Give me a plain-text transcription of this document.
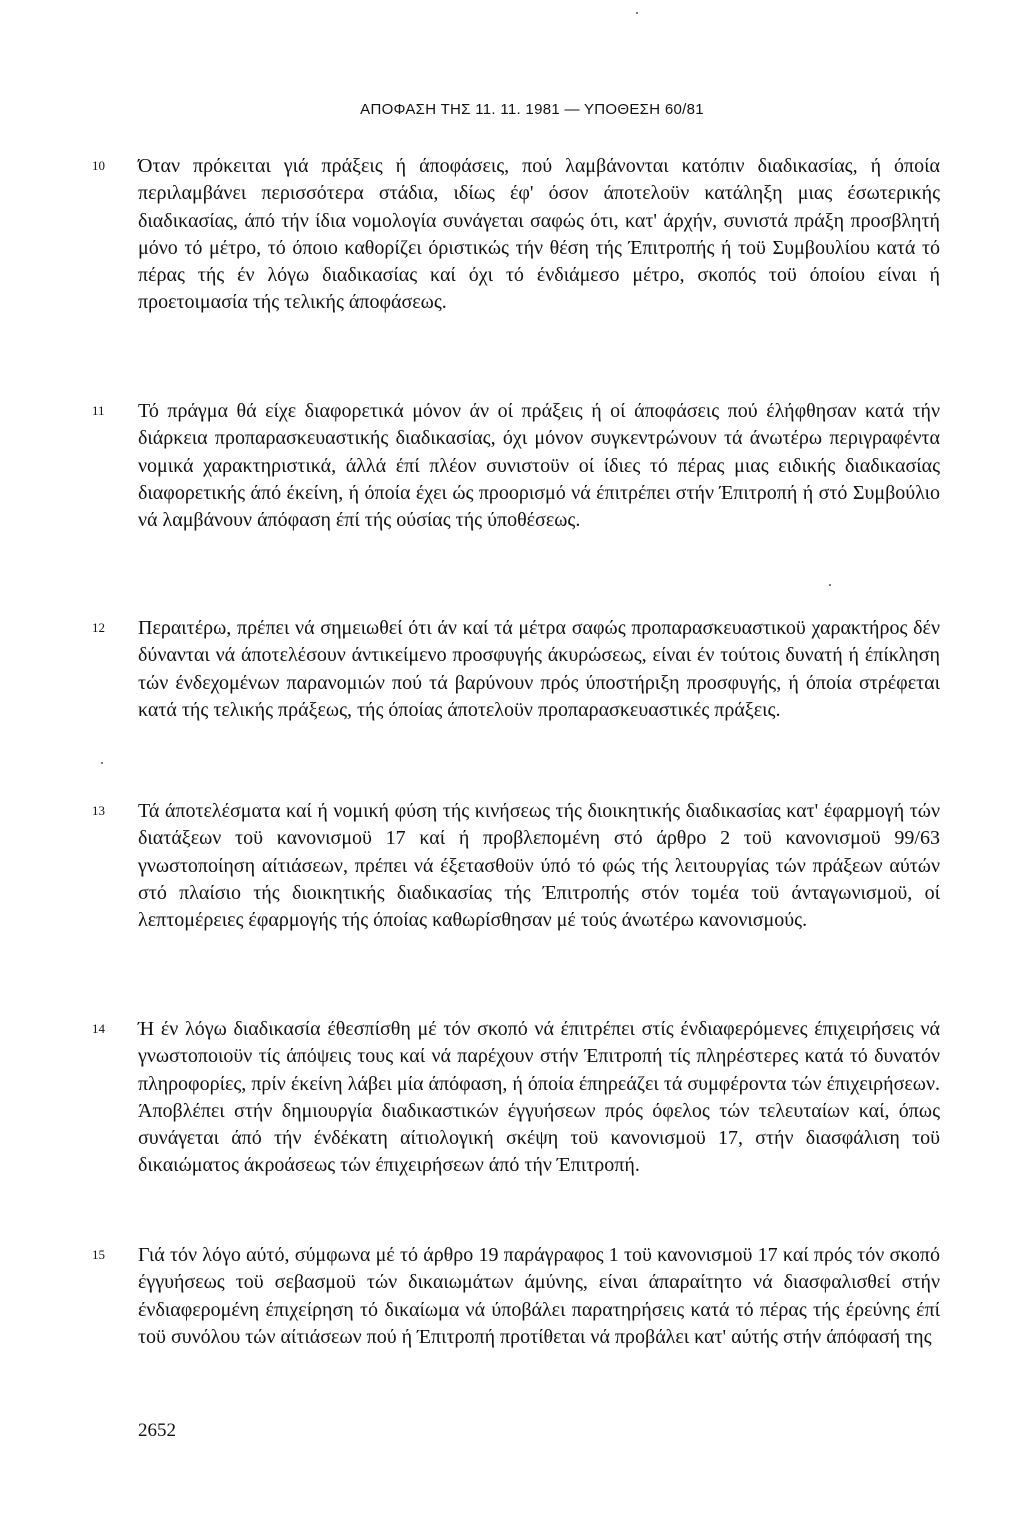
ΑΠΟΦΑΣΗ ΤΗΣ 11. 11. 1981 — ΥΠΟΘΕΣΗ 60/81
10 Όταν πρόκειται γιά πράξεις ή άποφάσεις, πού λαμβάνονται κατόπιν διαδικασίας, ή όποία περιλαμβάνει περισσότερα στάδια, ιδίως έφ' όσον άποτελοϋν κατάληξη μιας έσωτερικής διαδικασίας, άπό τήν ίδια νομολογία συνάγεται σαφώς ότι, κατ' άρχήν, συνιστά πράξη προσβλητή μόνο τό μέτρο, τό όποιο καθορίζει όριστικώς τήν θέση τής Έπιτροπής ή τοϋ Συμβουλίου κατά τό πέρας τής έν λόγω διαδικασίας καί όχι τό ένδιάμεσο μέτρο, σκοπός τοϋ όποίου είναι ή προετοιμασία τής τελικής άποφάσεως.

11 Τό πράγμα θά είχε διαφορετικά μόνον άν οί πράξεις ή οί άποφάσεις πού έλήφθησαν κατά τήν διάρκεια προπαρασκευαστικής διαδικασίας, όχι μόνον συγκεντρώνουν τά άνωτέρω περιγραφέντα νομικά χαρακτηριστικά, άλλά έπί πλέον συνιστοϋν οί ίδιες τό πέρας μιας ειδικής διαδικασίας διαφορετικής άπό έκείνη, ή όποία έχει ώς προορισμό νά έπιτρέπει στήν Έπιτροπή ή στό Συμβούλιο νά λαμβάνουν άπόφαση έπί τής ούσίας τής ύποθέσεως.

12 Περαιτέρω, πρέπει νά σημειωθεί ότι άν καί τά μέτρα σαφώς προπαρασκευαστικοϋ χαρακτήρος δέν δύνανται νά άποτελέσουν άντικείμενο προσφυγής άκυρώσεως, είναι έν τούτοις δυνατή ή έπίκληση τών ένδεχομένων παρανομιών πού τά βαρύνουν πρός ύποστήριξη προσφυγής, ή όποία στρέφεται κατά τής τελικής πράξεως, τής όποίας άποτελοϋν προπαρασκευαστικές πράξεις.

13 Τά άποτελέσματα καί ή νομική φύση τής κινήσεως τής διοικητικής διαδικασίας κατ' έφαρμογή τών διατάξεων τοϋ κανονισμοϋ 17 καί ή προβλεπομένη στό άρθρο 2 τοϋ κανονισμοϋ 99/63 γνωστοποίηση αίτιάσεων, πρέπει νά έξετασθοϋν ύπό τό φώς τής λειτουργίας τών πράξεων αύτών στό πλαίσιο τής διοικητικής διαδικασίας τής Έπιτροπής στόν τομέα τοϋ άνταγωνισμοϋ, οί λεπτομέρειες έφαρμογής τής όποίας καθωρίσθησαν μέ τούς άνωτέρω κανονισμούς.

14 Ή έν λόγω διαδικασία έθεσπίσθη μέ τόν σκοπό νά έπιτρέπει στίς ένδιαφερόμενες έπιχειρήσεις νά γνωστοποιοϋν τίς άπόψεις τους καί νά παρέχουν στήν Έπιτροπή τίς πληρέστερες κατά τό δυνατόν πληροφορίες, πρίν έκείνη λάβει μία άπόφαση, ή όποία έπηρεάζει τά συμφέροντα τών έπιχειρήσεων. Άποβλέπει στήν δημιουργία διαδικαστικών έγγυήσεων πρός όφελος τών τελευταίων καί, όπως συνάγεται άπό τήν ένδέκατη αίτιολογική σκέψη τοϋ κανονισμοϋ 17, στήν διασφάλιση τοϋ δικαιώματος άκροάσεως τών έπιχειρήσεων άπό τήν Έπιτροπή.

15 Γιά τόν λόγο αύτό, σύμφωνα μέ τό άρθρο 19 παράγραφος 1 τοϋ κανονισμοϋ 17 καί πρός τόν σκοπό έγγυήσεως τοϋ σεβασμοϋ τών δικαιωμάτων άμύνης, είναι άπαραίτητο νά διασφαλισθεί στήν ένδιαφερομένη έπιχείρηση τό δικαίωμα νά ύποβάλει παρατηρήσεις κατά τό πέρας τής έρεύνης έπί τοϋ συνόλου τών αίτιάσεων πού ή Έπιτροπή προτίθεται νά προβάλει κατ' αύτής στήν άπόφασή της

2652
